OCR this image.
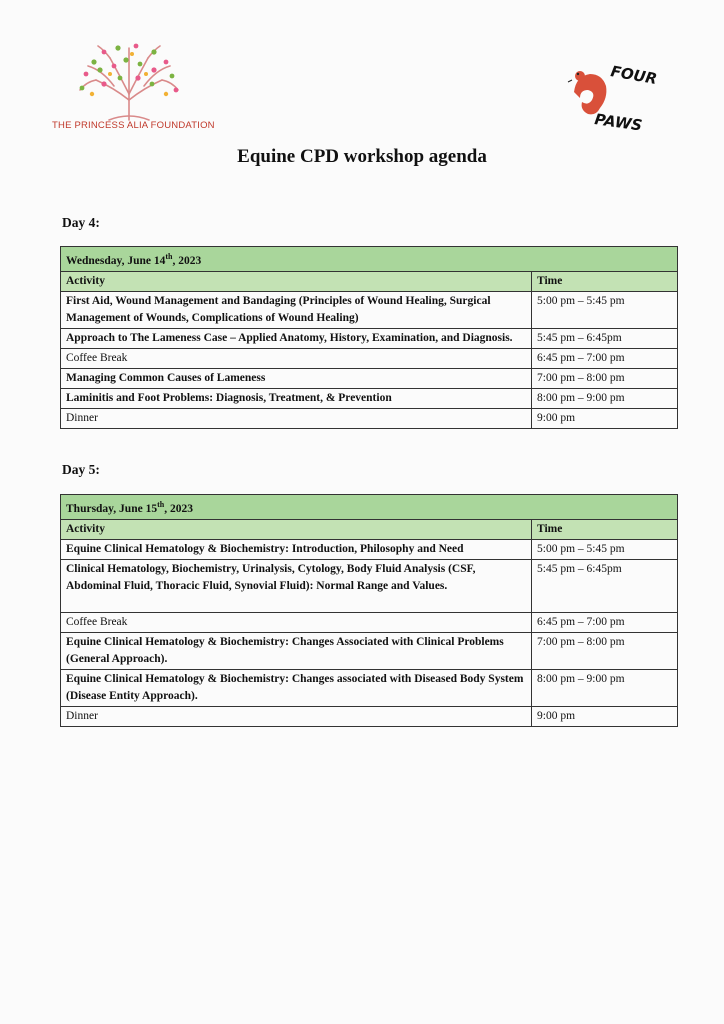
THE PRINCESS ALIA FOUNDATION
FOUR
PAWS
Equine CPD workshop agenda
Day 4:
Wednesday, June 14th, 2023	
Activity	Time
First Aid, Wound Management and Bandaging (Principles of Wound Healing, Surgical Management of Wounds, Complications of Wound Healing)	5:00 pm – 5:45 pm
Approach to The Lameness Case – Applied Anatomy, History, Examination, and Diagnosis.	5:45 pm – 6:45pm
Coffee Break	6:45 pm – 7:00 pm
Managing Common Causes of Lameness	7:00 pm – 8:00 pm
Laminitis and Foot Problems: Diagnosis, Treatment, & Prevention	8:00 pm – 9:00 pm
Dinner	9:00 pm
Day 5:
Thursday, June 15th, 2023	
Activity	Time
Equine Clinical Hematology & Biochemistry: Introduction, Philosophy and Need	5:00 pm – 5:45 pm
Clinical Hematology, Biochemistry, Urinalysis, Cytology, Body Fluid Analysis (CSF, Abdominal Fluid, Thoracic Fluid, Synovial Fluid): Normal Range and Values.	5:45 pm – 6:45pm
Coffee Break	6:45 pm – 7:00 pm
Equine Clinical Hematology & Biochemistry: Changes Associated with Clinical Problems (General Approach).	7:00 pm – 8:00 pm
Equine Clinical Hematology & Biochemistry: Changes associated with Diseased Body System (Disease Entity Approach).	8:00 pm – 9:00 pm
Dinner	9:00 pm
